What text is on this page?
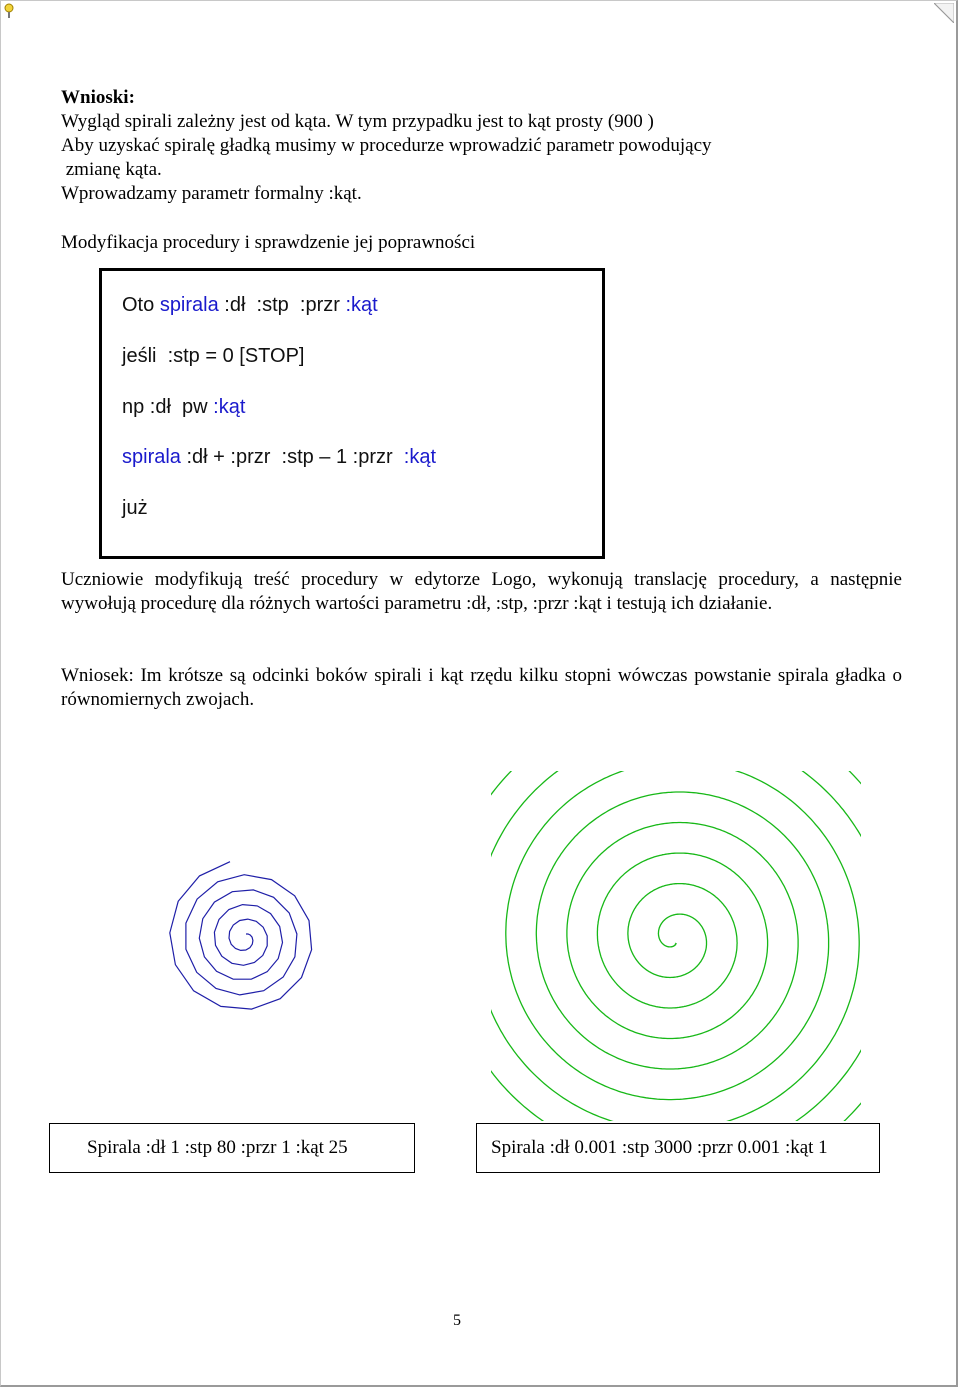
Wnioski:
Wygląd spirali zależny jest od kąta. W tym przypadku jest to kąt prosty (900 )
Aby uzyskać spiralę gładką musimy w procedurze wprowadzić parametr powodujący
zmianę kąta.
Wprowadzamy parametr formalny :kąt.
Modyfikacja procedury i sprawdzenie jej poprawności
Oto spirala :dł  :stp  :przr :kąt
jeśli  :stp = 0 [STOP]
np :dł  pw :kąt
spirala :dł + :przr  :stp – 1 :przr :kąt
już
Uczniowie modyfikują treść procedury w edytorze Logo, wykonują translację procedury, a następnie wywołują procedurę dla różnych wartości parametru :dł, :stp, :przr :kąt i testują ich działanie.
Wniosek: Im krótsze są odcinki boków spirali i kąt rzędu kilku stopni wówczas powstanie spirala gładka o równomiernych zwojach.
Spirala :dł 1 :stp 80 :przr 1 :kąt 25	Spirala :dł 0.001 :stp 3000 :przr 0.001 :kąt 1
5
